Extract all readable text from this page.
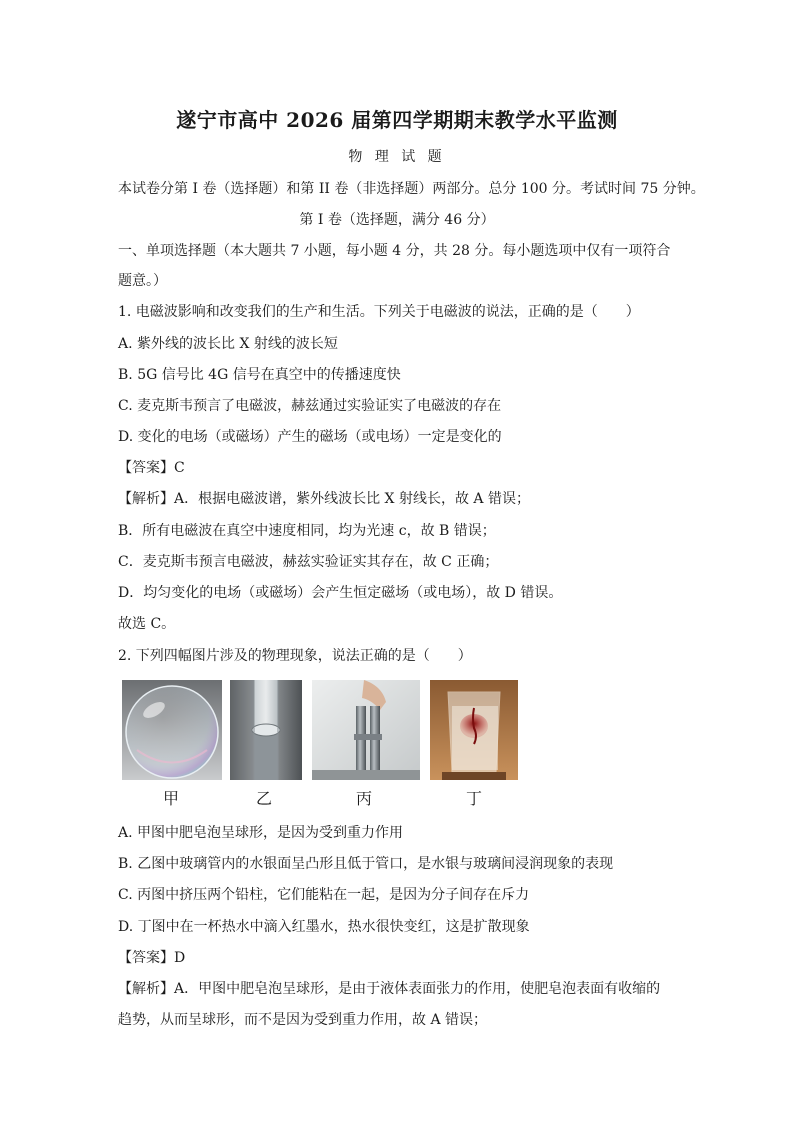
遂宁市高中 2026 届第四学期期末教学水平监测
物 理 试 题
本试卷分第 I 卷（选择题）和第 II 卷（非选择题）两部分。总分 100 分。考试时间 75 分钟。
第 I 卷（选择题，满分 46 分）
一、单项选择题（本大题共 7 小题，每小题 4 分，共 28 分。每小题选项中仅有一项符合
题意。）
1. 电磁波影响和改变我们的生产和生活。下列关于电磁波的说法，正确的是（　　）
A. 紫外线的波长比 X 射线的波长短
B. 5G 信号比 4G 信号在真空中的传播速度快
C. 麦克斯韦预言了电磁波，赫兹通过实验证实了电磁波的存在
D. 变化的电场（或磁场）产生的磁场（或电场）一定是变化的
【答案】C
【解析】A．根据电磁波谱，紫外线波长比 X 射线长，故 A 错误；
B．所有电磁波在真空中速度相同，均为光速 c，故 B 错误；
C．麦克斯韦预言电磁波，赫兹实验证实其存在，故 C 正确；
D．均匀变化的电场（或磁场）会产生恒定磁场（或电场），故 D 错误。
故选 C。
2. 下列四幅图片涉及的物理现象，说法正确的是（　　）
甲	乙	丙	丁
A. 甲图中肥皂泡呈球形，是因为受到重力作用
B. 乙图中玻璃管内的水银面呈凸形且低于管口，是水银与玻璃间浸润现象的表现
C. 丙图中挤压两个铅柱，它们能粘在一起，是因为分子间存在斥力
D. 丁图中在一杯热水中滴入红墨水，热水很快变红，这是扩散现象
【答案】D
【解析】A．甲图中肥皂泡呈球形，是由于液体表面张力的作用，使肥皂泡表面有收缩的
趋势，从而呈球形，而不是因为受到重力作用，故 A 错误；
